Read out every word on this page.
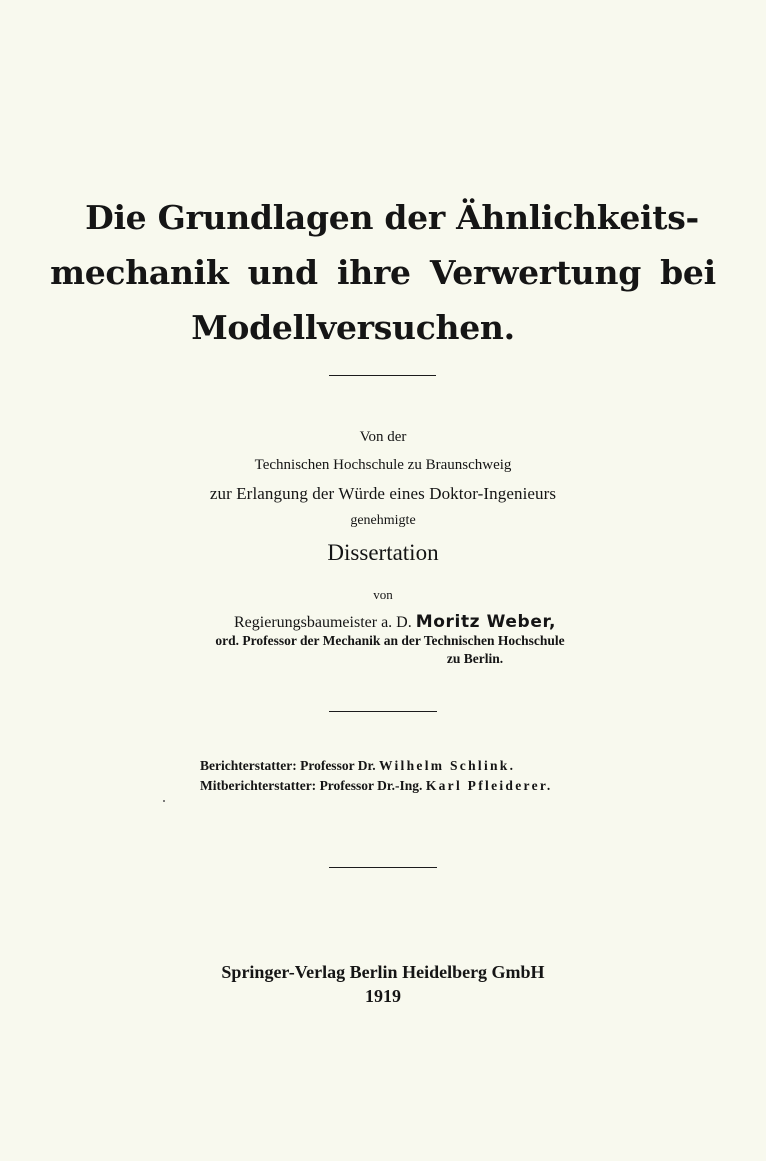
Die Grundlagen der Ähnlichkeits-
mechanik und ihre Verwertung bei
Modellversuchen.
Von der
Technischen Hochschule zu Braunschweig
zur Erlangung der Würde eines Doktor-Ingenieurs
genehmigte
Dissertation
von
Regierungsbaumeister a. D. Moritz Weber,
ord. Professor der Mechanik an der Technischen Hochschule
zu Berlin.
Berichterstatter: Professor Dr. Wilhelm Schlink.
Mitberichterstatter: Professor Dr.-Ing. Karl Pfleiderer.
Springer-Verlag Berlin Heidelberg GmbH
1919
